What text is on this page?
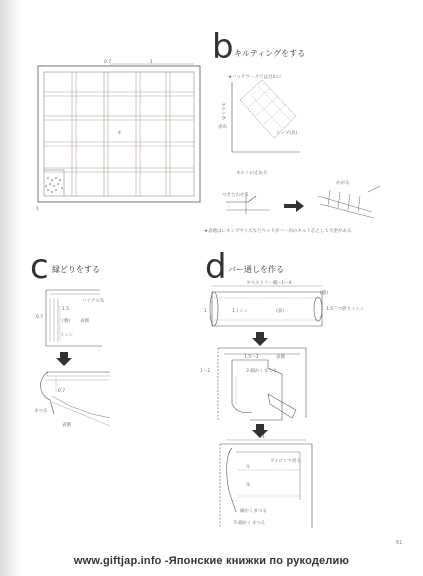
0.7	1
1
4
b キルティングをする
★バッチワーク穴は目山に
キルト糸
表布
トップ(表)
キルトの止め方
かがる
つき合わせる
★表地はレキングサイズなどベッドがバー向のキルト芯として大型がある
c 縁どりをする
0.7
バイアス布
1.5
(裏) 表側
ミシン
0.7
まつる
表側
d バー通しを作る
タペストリー幅−1〜4
(裏)
1ミシン	(表)	1.5三つ折りミシン
1
1.5〜3	表側
3 細かくまつる
1〜2
1
アイロンで折る
①
②
細かくまつる
5 細かくまつる
61
www.giftjap.info -Японские книжки по рукоделию
